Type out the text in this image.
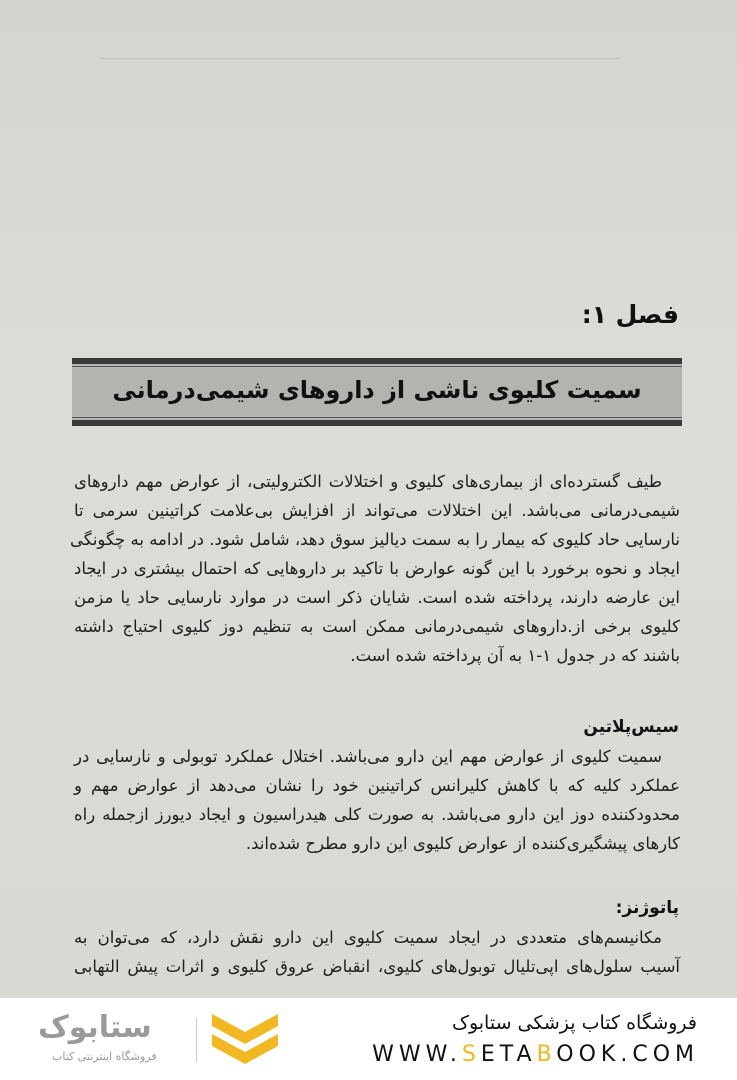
فصل ۱:
سمیت کلیوی ناشی از داروهای شیمی‌درمانی
طیف گسترده‌ای از بیماری‌های کلیوی و اختلالات الکترولیتی، از عوارض مهم داروهای
شیمی‌درمانی می‌باشد. این اختلالات می‌تواند از افزایش بی‌علامت کراتینین سرمی تا
نارسایی حاد کلیوی که بیمار را به سمت دیالیز سوق دهد، شامل شود. در ادامه به چگونگی
ایجاد و نحوه برخورد با این گونه عوارض با تاکید بر داروهایی که احتمال بیشتری در ایجاد
این عارضه دارند، پرداخته شده است. شایان ذکر است در موارد نارسایی حاد یا مزمن
کلیوی برخی از.داروهای شیمی‌درمانی ممکن است به تنظیم دوز کلیوی احتیاج داشته
باشند که در جدول ۱-۱ به آن پرداخته شده است.
سیس‌پلاتین
سمیت کلیوی از عوارض مهم این دارو می‌باشد. اختلال عملکرد توبولی و نارسایی در
عملکرد کلیه که با کاهش کلیرانس کراتینین خود را نشان می‌دهد از عوارض مهم و
محدودکننده دوز این دارو می‌باشد. به صورت کلی هیدراسیون و ایجاد دیورز ازجمله راه
کارهای پیشگیری‌کننده از عوارض کلیوی این دارو مطرح شده‌اند.
پاتوژنز:
مکانیسم‌های متعددی در ایجاد سمیت کلیوی این دارو نقش دارد، که می‌توان به
آسیب سلول‌های اپی‌تلیال توبول‌های کلیوی، انقباض عروق کلیوی و اثرات پیش التهابی
فروشگاه کتاب پزشکی ستابوک
WWW.SETABOOK.COM
ستابوک
فروشگاه اینترنتی کتاب
